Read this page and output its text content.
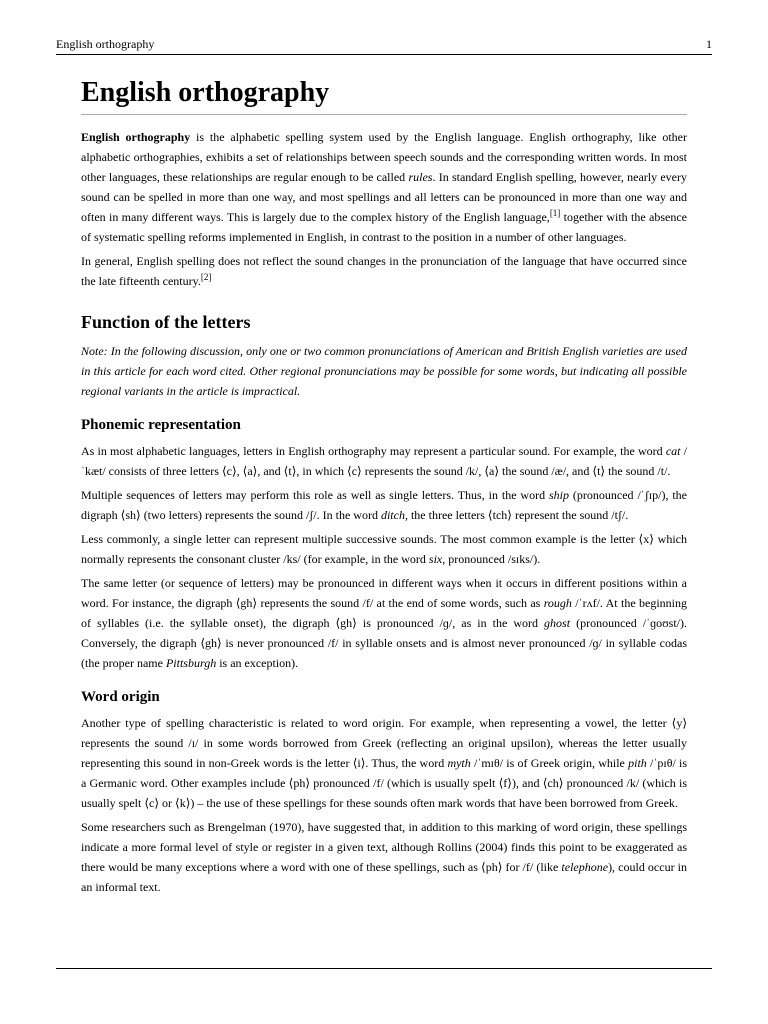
English orthography	1
English orthography

English orthography is the alphabetic spelling system used by the English language. English orthography, like other alphabetic orthographies, exhibits a set of relationships between speech sounds and the corresponding written words. In most other languages, these relationships are regular enough to be called rules. In standard English spelling, however, nearly every sound can be spelled in more than one way, and most spellings and all letters can be pronounced in more than one way and often in many different ways. This is largely due to the complex history of the English language,[1] together with the absence of systematic spelling reforms implemented in English, in contrast to the position in a number of other languages.

In general, English spelling does not reflect the sound changes in the pronunciation of the language that have occurred since the late fifteenth century.[2]

Function of the letters

Note: In the following discussion, only one or two common pronunciations of American and British English varieties are used in this article for each word cited. Other regional pronunciations may be possible for some words, but indicating all possible regional variants in the article is impractical.

Phonemic representation

As in most alphabetic languages, letters in English orthography may represent a particular sound. For example, the word cat /ˈkæt/ consists of three letters ⟨c⟩, ⟨a⟩, and ⟨t⟩, in which ⟨c⟩ represents the sound /k/, ⟨a⟩ the sound /æ/, and ⟨t⟩ the sound /t/.

Multiple sequences of letters may perform this role as well as single letters. Thus, in the word ship (pronounced /ˈʃɪp/), the digraph ⟨sh⟩ (two letters) represents the sound /ʃ/. In the word ditch, the three letters ⟨tch⟩ represent the sound /tʃ/.

Less commonly, a single letter can represent multiple successive sounds. The most common example is the letter ⟨x⟩ which normally represents the consonant cluster /ks/ (for example, in the word six, pronounced /sɪks/).

The same letter (or sequence of letters) may be pronounced in different ways when it occurs in different positions within a word. For instance, the digraph ⟨gh⟩ represents the sound /f/ at the end of some words, such as rough /ˈrʌf/. At the beginning of syllables (i.e. the syllable onset), the digraph ⟨gh⟩ is pronounced /ɡ/, as in the word ghost (pronounced /ˈɡoʊst/). Conversely, the digraph ⟨gh⟩ is never pronounced /f/ in syllable onsets and is almost never pronounced /ɡ/ in syllable codas (the proper name Pittsburgh is an exception).

Word origin

Another type of spelling characteristic is related to word origin. For example, when representing a vowel, the letter ⟨y⟩ represents the sound /ɪ/ in some words borrowed from Greek (reflecting an original upsilon), whereas the letter usually representing this sound in non-Greek words is the letter ⟨i⟩. Thus, the word myth /ˈmɪθ/ is of Greek origin, while pith /ˈpɪθ/ is a Germanic word. Other examples include ⟨ph⟩ pronounced /f/ (which is usually spelt ⟨f⟩), and ⟨ch⟩ pronounced /k/ (which is usually spelt ⟨c⟩ or ⟨k⟩) – the use of these spellings for these sounds often mark words that have been borrowed from Greek.

Some researchers such as Brengelman (1970), have suggested that, in addition to this marking of word origin, these spellings indicate a more formal level of style or register in a given text, although Rollins (2004) finds this point to be exaggerated as there would be many exceptions where a word with one of these spellings, such as ⟨ph⟩ for /f/ (like telephone), could occur in an informal text.
